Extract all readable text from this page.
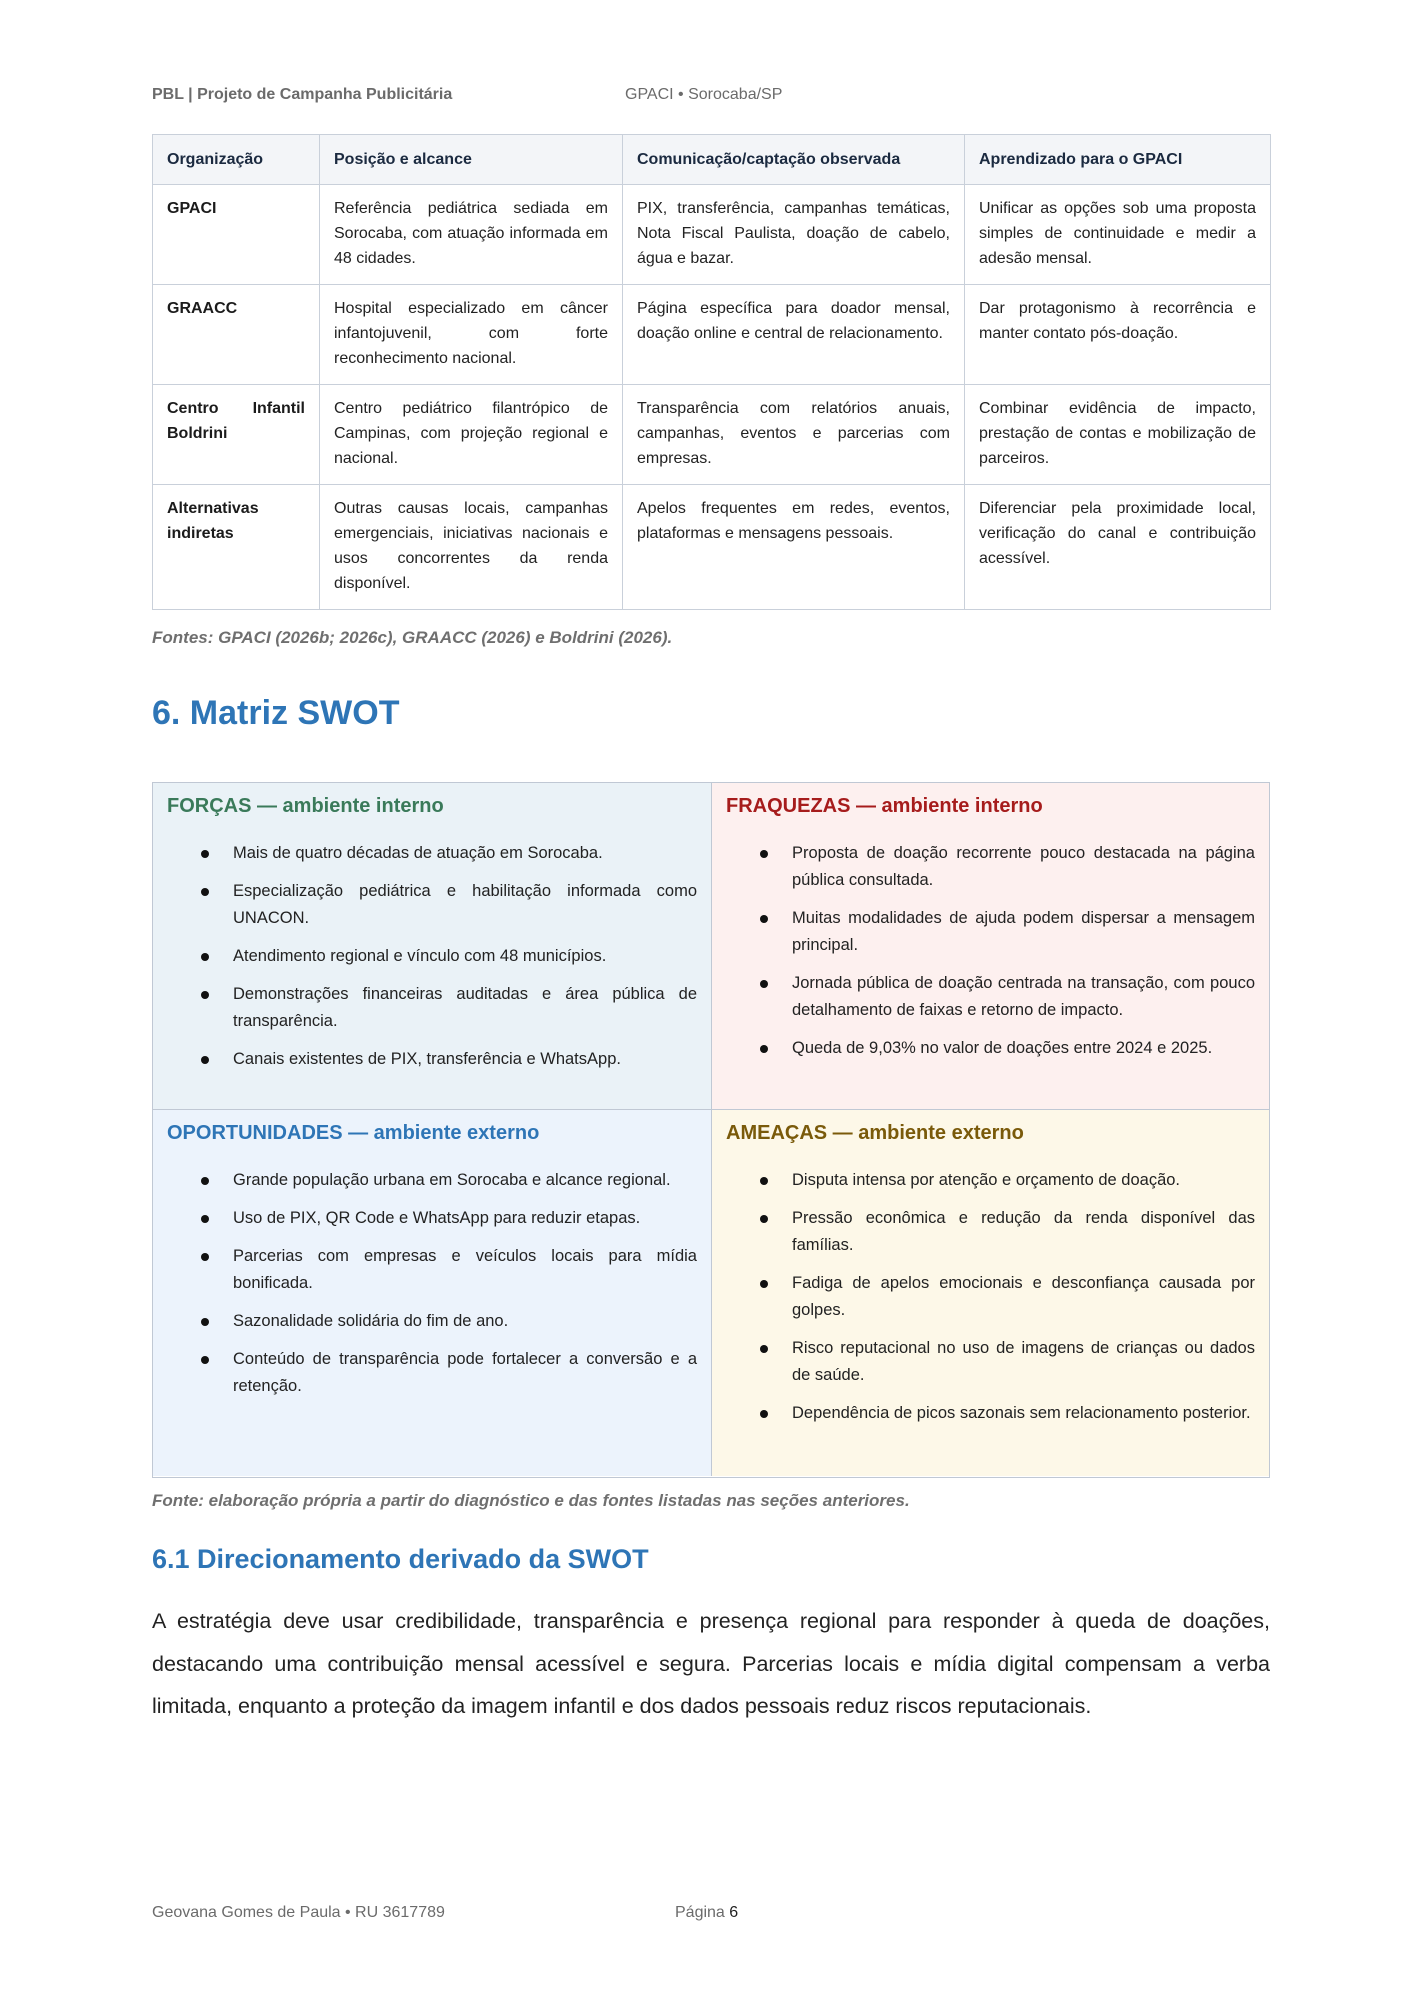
PBL | Projeto de Campanha Publicitária	GPACI • Sorocaba/SP
Organização	Posição e alcance	Comunicação/captação observada	Aprendizado para o GPACI
GPACI	Referência pediátrica sediada em Sorocaba, com atuação informada em 48 cidades.	PIX, transferência, campanhas temáticas, Nota Fiscal Paulista, doação de cabelo, água e bazar.	Unificar as opções sob uma proposta simples de continuidade e medir a adesão mensal.
GRAACC	Hospital especializado em câncer infantojuvenil, com forte reconhecimento nacional.	Página específica para doador mensal, doação online e central de relacionamento.	Dar protagonismo à recorrência e manter contato pós-doação.
Centro Infantil Boldrini	Centro pediátrico filantrópico de Campinas, com projeção regional e nacional.	Transparência com relatórios anuais, campanhas, eventos e parcerias com empresas.	Combinar evidência de impacto, prestação de contas e mobilização de parceiros.
Alternativas indiretas	Outras causas locais, campanhas emergenciais, iniciativas nacionais e usos concorrentes da renda disponível.	Apelos frequentes em redes, eventos, plataformas e mensagens pessoais.	Diferenciar pela proximidade local, verificação do canal e contribuição acessível.
Fontes: GPACI (2026b; 2026c), GRAACC (2026) e Boldrini (2026).
6. Matriz SWOT
FORÇAS — ambiente interno
Mais de quatro décadas de atuação em Sorocaba.
Especialização pediátrica e habilitação informada como UNACON.
Atendimento regional e vínculo com 48 municípios.
Demonstrações financeiras auditadas e área pública de transparência.
Canais existentes de PIX, transferência e WhatsApp.
FRAQUEZAS — ambiente interno
Proposta de doação recorrente pouco destacada na página pública consultada.
Muitas modalidades de ajuda podem dispersar a mensagem principal.
Jornada pública de doação centrada na transação, com pouco detalhamento de faixas e retorno de impacto.
Queda de 9,03% no valor de doações entre 2024 e 2025.
OPORTUNIDADES — ambiente externo
Grande população urbana em Sorocaba e alcance regional.
Uso de PIX, QR Code e WhatsApp para reduzir etapas.
Parcerias com empresas e veículos locais para mídia bonificada.
Sazonalidade solidária do fim de ano.
Conteúdo de transparência pode fortalecer a conversão e a retenção.
AMEAÇAS — ambiente externo
Disputa intensa por atenção e orçamento de doação.
Pressão econômica e redução da renda disponível das famílias.
Fadiga de apelos emocionais e desconfiança causada por golpes.
Risco reputacional no uso de imagens de crianças ou dados de saúde.
Dependência de picos sazonais sem relacionamento posterior.
Fonte: elaboração própria a partir do diagnóstico e das fontes listadas nas seções anteriores.
6.1 Direcionamento derivado da SWOT

A estratégia deve usar credibilidade, transparência e presença regional para responder à queda de doações, destacando uma contribuição mensal acessível e segura. Parcerias locais e mídia digital compensam a verba limitada, enquanto a proteção da imagem infantil e dos dados pessoais reduz riscos reputacionais.

Geovana Gomes de Paula • RU 3617789	Página 6
